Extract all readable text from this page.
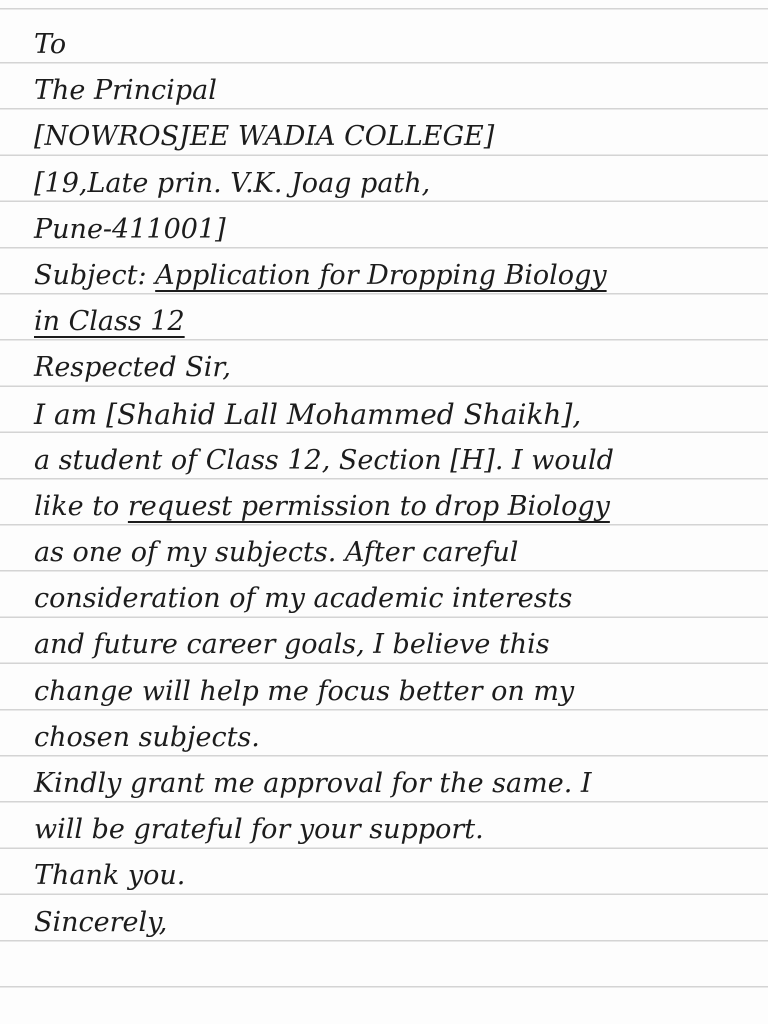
To
The Principal
[NOWROSJEE WADIA COLLEGE]
[19,Late prin. V.K. Joag path,
Pune-411001]
Subject: Application for Dropping Biology
in Class 12
Respected Sir,
I am [Shahid Lall Mohammed Shaikh],
a student of Class 12, Section [H]. I would
like to request permission to drop Biology
as one of my subjects. After careful
consideration of my academic interests
and future career goals, I believe this
change will help me focus better on my
chosen subjects.
Kindly grant me approval for the same. I
will be grateful for your support.
Thank you.
Sincerely,
